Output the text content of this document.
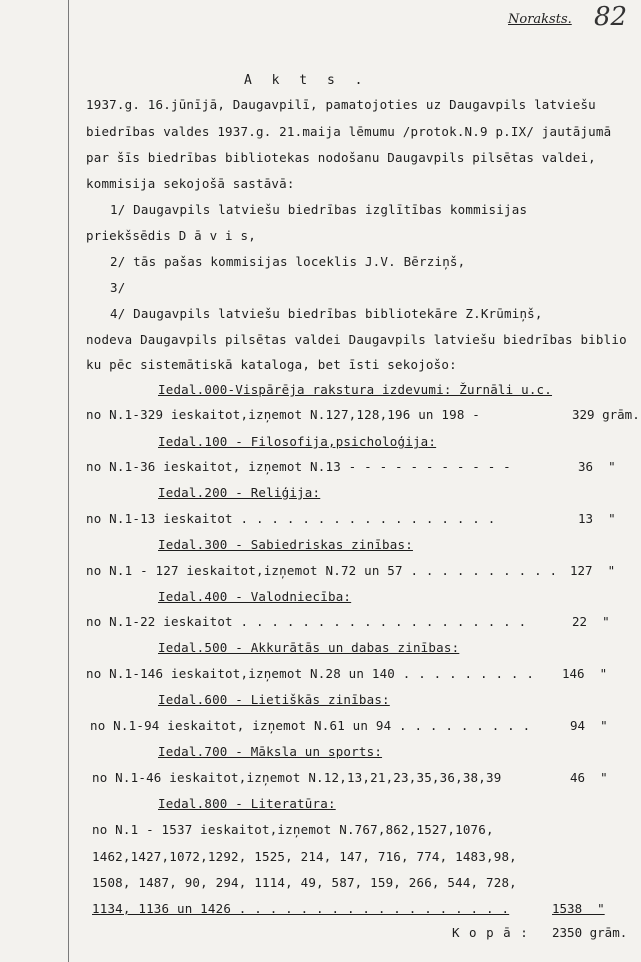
Noraksts. 82
A k t s .
1937.g. 16.jūnījā, Daugavpilī, pamatojoties uz Daugavpils latviešu
biedrības valdes 1937.g. 21.maija lēmumu /protok.N.9 p.IX/ jautājumā
par šīs biedrības bibliotekas nodošanu Daugavpils pilsētas valdei,
kommisija sekojošā sastāvā:
1/ Daugavpils latviešu biedrības izglītības kommisijas
priekšsēdis D ā v i s,
2/ tās pašas kommisijas loceklis J.V. Bērziņš,
3/
4/ Daugavpils latviešu biedrības bibliotekāre Z.Krūmiņš,
nodeva Daugavpils pilsētas valdei Daugavpils latviešu biedrības biblio
ku pēc sistemātiskā kataloga, bet īsti sekojošo:
Iedal.000-Vispārēja rakstura izdevumi: Žurnāli u.c.
no N.1-329 ieskaitot,izņemot N.127,128,196 un 198 -	329 grām.
Iedal.100 - Filosofija,psicholoģija:
no N.1-36 ieskaitot, izņemot N.13 - - - - - - - - - - -	36  "
Iedal.200 - Reliģija:
no N.1-13 ieskaitot . . . . . . . . . . . . . . . . .	13  "
Iedal.300 - Sabiedriskas zinības:
no N.1 - 127 ieskaitot,izņemot N.72 un 57 . . . . . . . . . . 127  "
Iedal.400 - Valodniecība:
no N.1-22 ieskaitot . . . . . . . . . . . . . . . . . . .	22  "
Iedal.500 - Akkurātās un dabas zinības:
no N.1-146 ieskaitot,izņemot N.28 un 140 . . . . . . . . . 146  "
Iedal.600 - Lietiškās zinības:
no N.1-94 ieskaitot, izņemot N.61 un 94 . . . . . . . . .	94  "
Iedal.700 - Māksla un sports:
no N.1-46 ieskaitot,izņemot N.12,13,21,23,35,36,38,39	46  "
Iedal.800 - Literatūra:
no N.1 - 1537 ieskaitot,izņemot N.767,862,1527,1076,
1462,1427,1072,1292, 1525, 214, 147, 716, 774, 1483,98,
1508, 1487, 90, 294, 1114, 49, 587, 159, 266, 544, 728,
1134, 1136 un 1426 . . . . . . . . . . . . . . . . . .	1538  "
K o p ā : 2350 grām.
